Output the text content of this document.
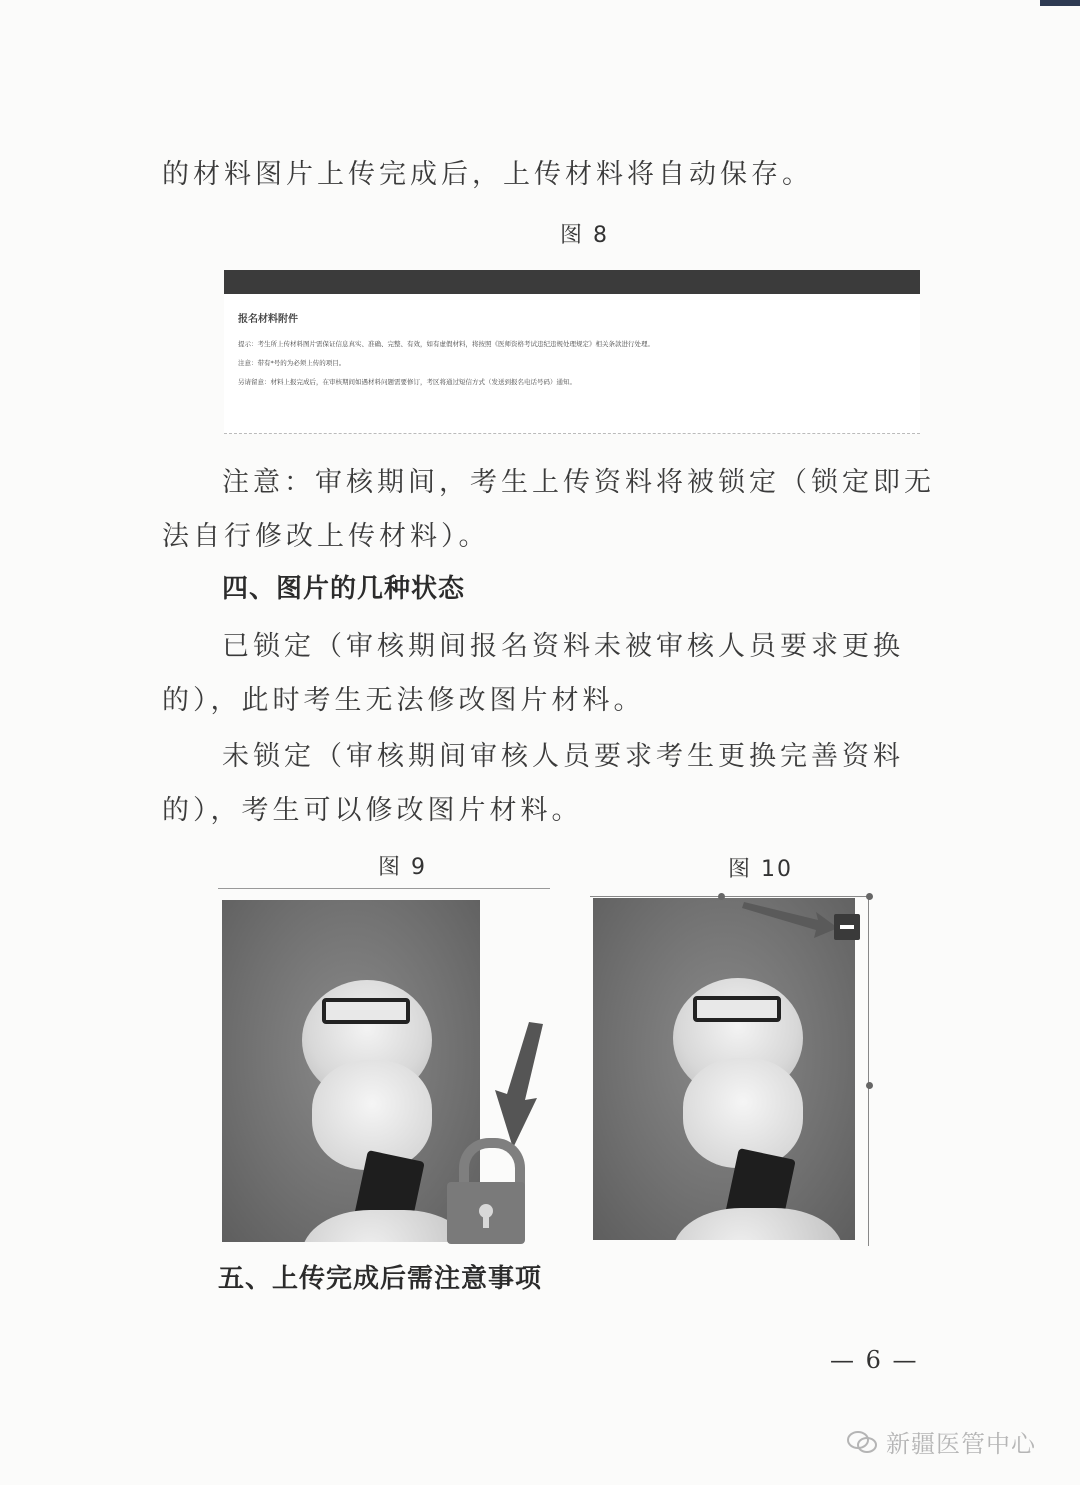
的材料图片上传完成后，上传材料将自动保存。

图 8
报名材料附件
提示：考生所上传材料图片需保证信息真实、准确、完整、有效，如有虚假材料，将按照《医师资格考试违纪违规处理规定》相关条款进行处理。
注意：带有*号的为必须上传的项目。
另请留意：材料上报完成后，在审核期间如遇材料问题需要修订，考区将通过短信方式（发送到报名电话号码）通知。

注意：审核期间，考生上传资料将被锁定（锁定即无法自行修改上传材料）。

四、图片的几种状态

已锁定（审核期间报名资料未被审核人员要求更换的），此时考生无法修改图片材料。

未锁定（审核期间审核人员要求考生更换完善资料的），考生可以修改图片材料。

图 9	图 10
五、上传完成后需注意事项
— 6 —
新疆医管中心
